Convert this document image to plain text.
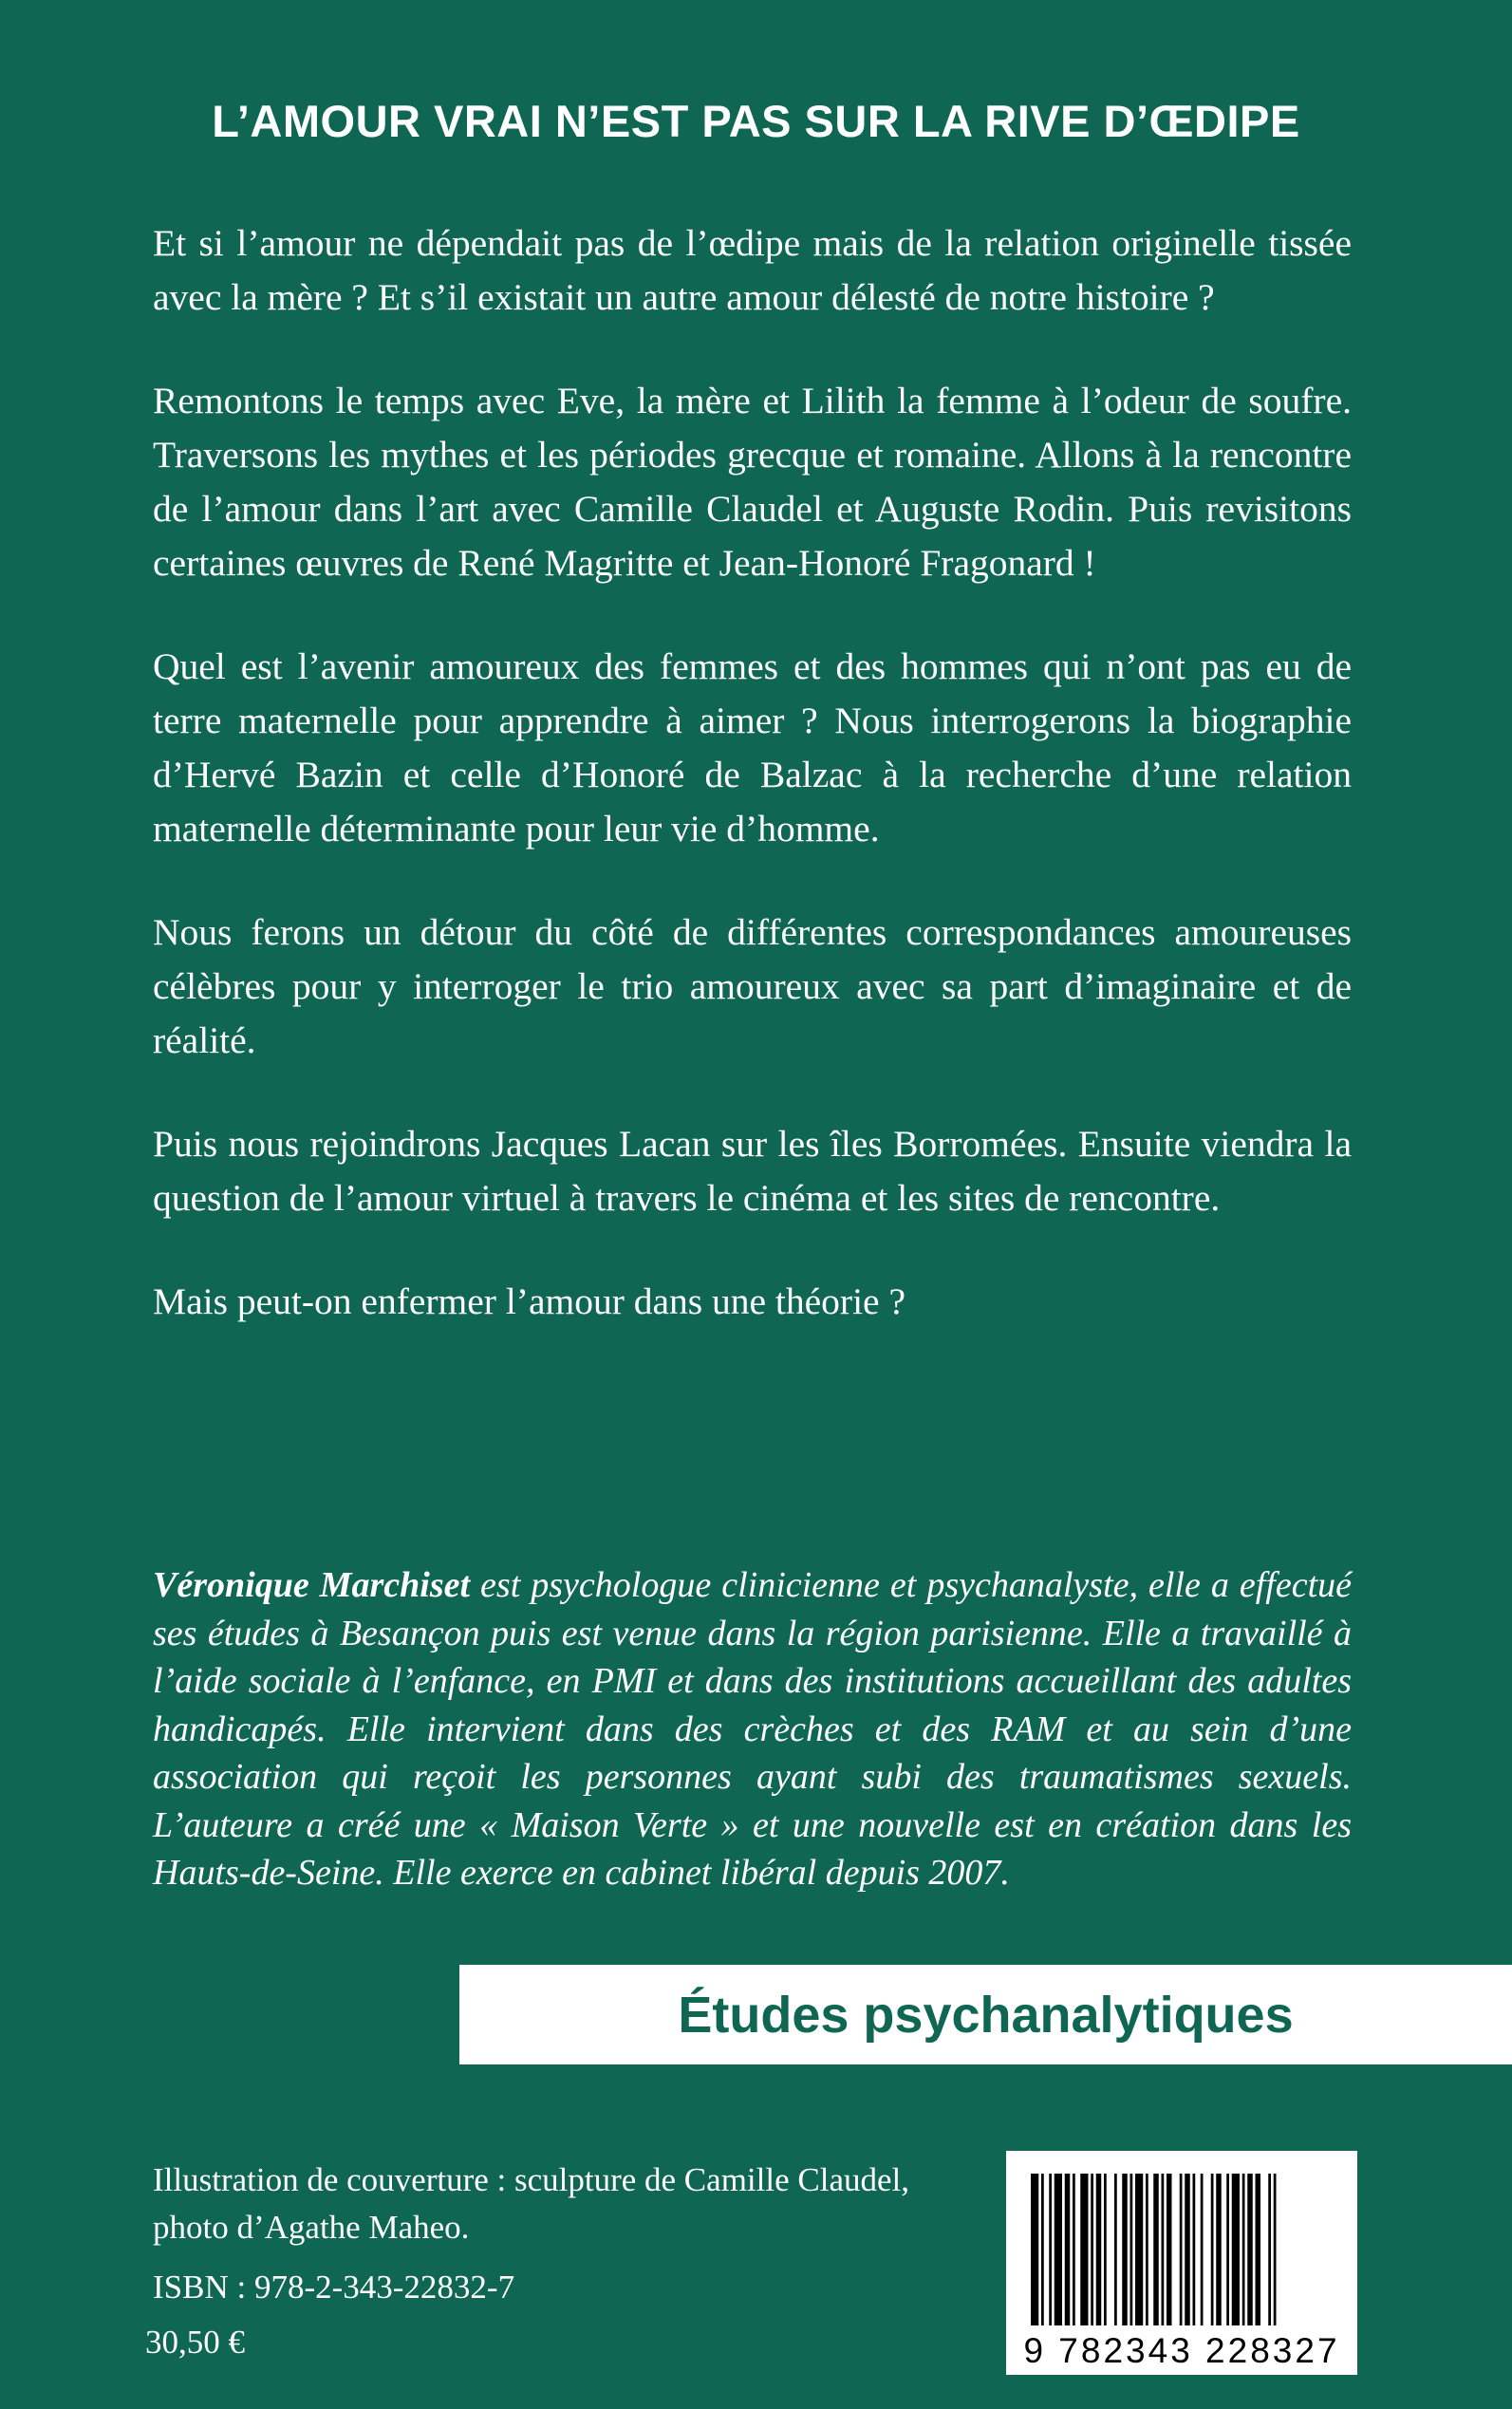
L’AMOUR VRAI N’EST PAS SUR LA RIVE D’ŒDIPE

Et si l’amour ne dépendait pas de l’œdipe mais de la relation originelle tissée avec la mère ? Et s’il existait un autre amour délesté de notre histoire ?

Remontons le temps avec Eve, la mère et Lilith la femme à l’odeur de soufre. Traversons les mythes et les périodes grecque et romaine. Allons à la rencontre de l’amour dans l’art avec Camille Claudel et Auguste Rodin. Puis revisitons certaines œuvres de René Magritte et Jean-Honoré Fragonard !

Quel est l’avenir amoureux des femmes et des hommes qui n’ont pas eu de terre maternelle pour apprendre à aimer ? Nous interrogerons la biographie d’Hervé Bazin et celle d’Honoré de Balzac à la recherche d’une relation maternelle déterminante pour leur vie d’homme.

Nous ferons un détour du côté de différentes correspondances amoureuses célèbres pour y interroger le trio amoureux avec sa part d’imaginaire et de réalité.

Puis nous rejoindrons Jacques Lacan sur les îles Borromées. Ensuite viendra la question de l’amour virtuel à travers le cinéma et les sites de rencontre.

Mais peut-on enfermer l’amour dans une théorie ?

Véronique Marchiset est psychologue clinicienne et psychanalyste, elle a effectué ses études à Besançon puis est venue dans la région parisienne. Elle a travaillé à l’aide sociale à l’enfance, en PMI et dans des institutions accueillant des adultes handicapés. Elle intervient dans des crèches et des RAM et au sein d’une association qui reçoit les personnes ayant subi des traumatismes sexuels. L’auteure a créé une « Maison Verte » et une nouvelle est en création dans les Hauts-de-Seine. Elle exerce en cabinet libéral depuis 2007.
Études psychanalytiques
Illustration de couverture : sculpture de Camille Claudel,
photo d’Agathe Maheo.
ISBN : 978-2-343-22832-7
30,50 €	9 782343 228327
